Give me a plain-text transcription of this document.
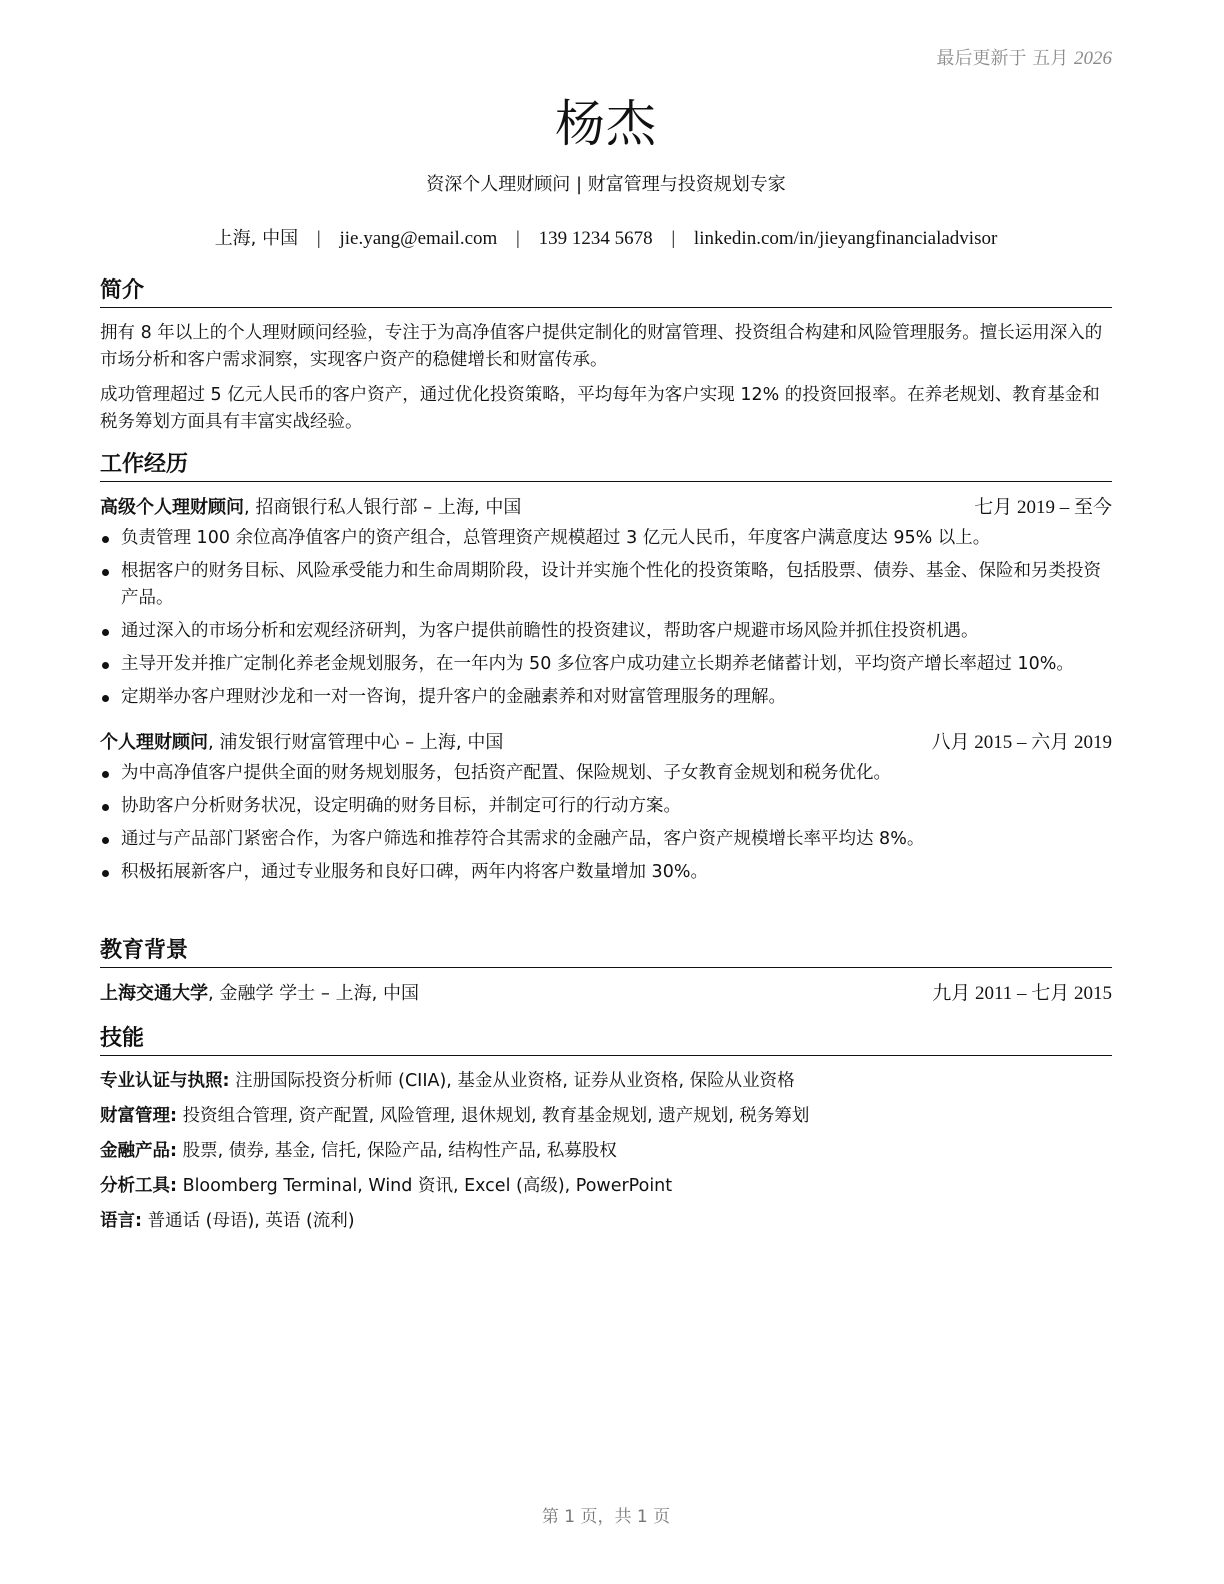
最后更新于 五月 2026
杨杰
资深个人理财顾问 | 财富管理与投资规划专家
上海, 中国 | jie.yang@email.com | 139 1234 5678 | linkedin.com/in/jieyangfinancialadvisor
简介

拥有 8 年以上的个人理财顾问经验，专注于为高净值客户提供定制化的财富管理、投资组合构建和风险管理服务。擅长运用深入的市场分析和客户需求洞察，实现客户资产的稳健增长和财富传承。

成功管理超过 5 亿元人民币的客户资产，通过优化投资策略，平均每年为客户实现 12% 的投资回报率。在养老规划、教育基金和税务筹划方面具有丰富实战经验。

工作经历
高级个人理财顾问, 招商银行私人银行部 – 上海, 中国	七月 2019 – 至今
负责管理 100 余位高净值客户的资产组合，总管理资产规模超过 3 亿元人民币，年度客户满意度达 95% 以上。
根据客户的财务目标、风险承受能力和生命周期阶段，设计并实施个性化的投资策略，包括股票、债券、基金、保险和另类投资产品。
通过深入的市场分析和宏观经济研判，为客户提供前瞻性的投资建议，帮助客户规避市场风险并抓住投资机遇。
主导开发并推广定制化养老金规划服务，在一年内为 50 多位客户成功建立长期养老储蓄计划，平均资产增长率超过 10%。
定期举办客户理财沙龙和一对一咨询，提升客户的金融素养和对财富管理服务的理解。
个人理财顾问, 浦发银行财富管理中心 – 上海, 中国	八月 2015 – 六月 2019
为中高净值客户提供全面的财务规划服务，包括资产配置、保险规划、子女教育金规划和税务优化。
协助客户分析财务状况，设定明确的财务目标，并制定可行的行动方案。
通过与产品部门紧密合作，为客户筛选和推荐符合其需求的金融产品，客户资产规模增长率平均达 8%。
积极拓展新客户，通过专业服务和良好口碑，两年内将客户数量增加 30%。
教育背景
上海交通大学, 金融学 学士 – 上海, 中国	九月 2011 – 七月 2015
技能
专业认证与执照: 注册国际投资分析师 (CIIA), 基金从业资格, 证券从业资格, 保险从业资格
财富管理: 投资组合管理, 资产配置, 风险管理, 退休规划, 教育基金规划, 遗产规划, 税务筹划
金融产品: 股票, 债券, 基金, 信托, 保险产品, 结构性产品, 私募股权
分析工具: Bloomberg Terminal, Wind 资讯, Excel (高级), PowerPoint
语言: 普通话 (母语), 英语 (流利)
第 1 页，共 1 页
